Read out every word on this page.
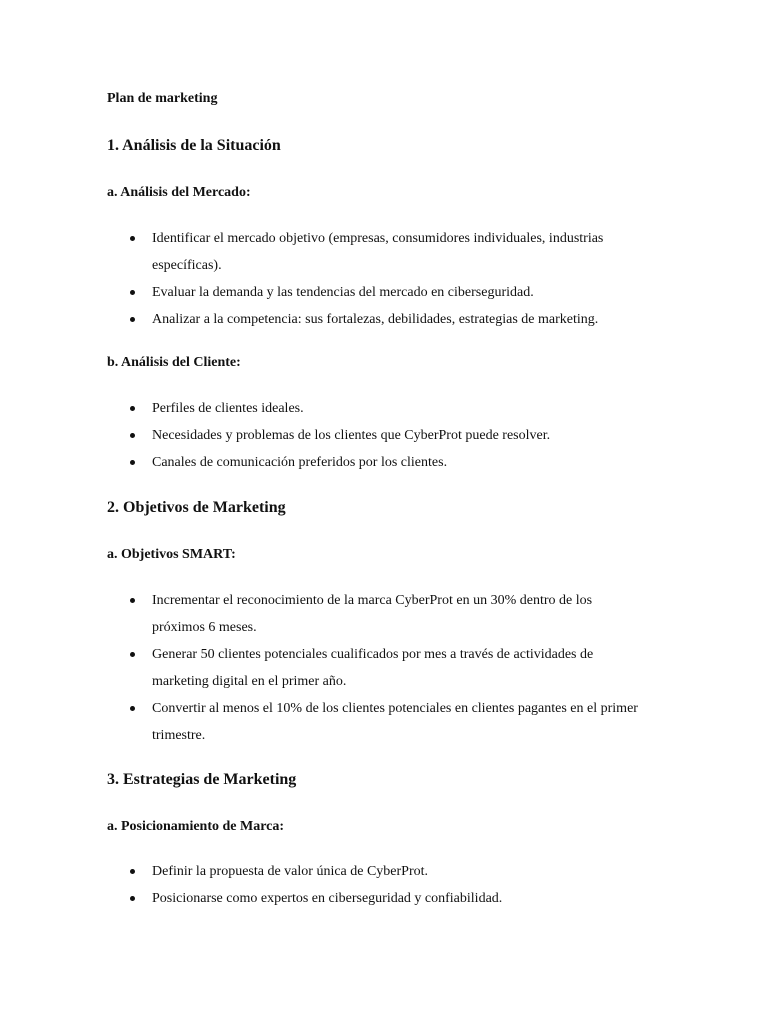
Plan de marketing
1. Análisis de la Situación
a. Análisis del Mercado:
Identificar el mercado objetivo (empresas, consumidores individuales, industrias específicas).
Evaluar la demanda y las tendencias del mercado en ciberseguridad.
Analizar a la competencia: sus fortalezas, debilidades, estrategias de marketing.
b. Análisis del Cliente:
Perfiles de clientes ideales.
Necesidades y problemas de los clientes que CyberProt puede resolver.
Canales de comunicación preferidos por los clientes.
2. Objetivos de Marketing
a. Objetivos SMART:
Incrementar el reconocimiento de la marca CyberProt en un 30% dentro de los próximos 6 meses.
Generar 50 clientes potenciales cualificados por mes a través de actividades de marketing digital en el primer año.
Convertir al menos el 10% de los clientes potenciales en clientes pagantes en el primer trimestre.
3. Estrategias de Marketing
a. Posicionamiento de Marca:
Definir la propuesta de valor única de CyberProt.
Posicionarse como expertos en ciberseguridad y confiabilidad.
